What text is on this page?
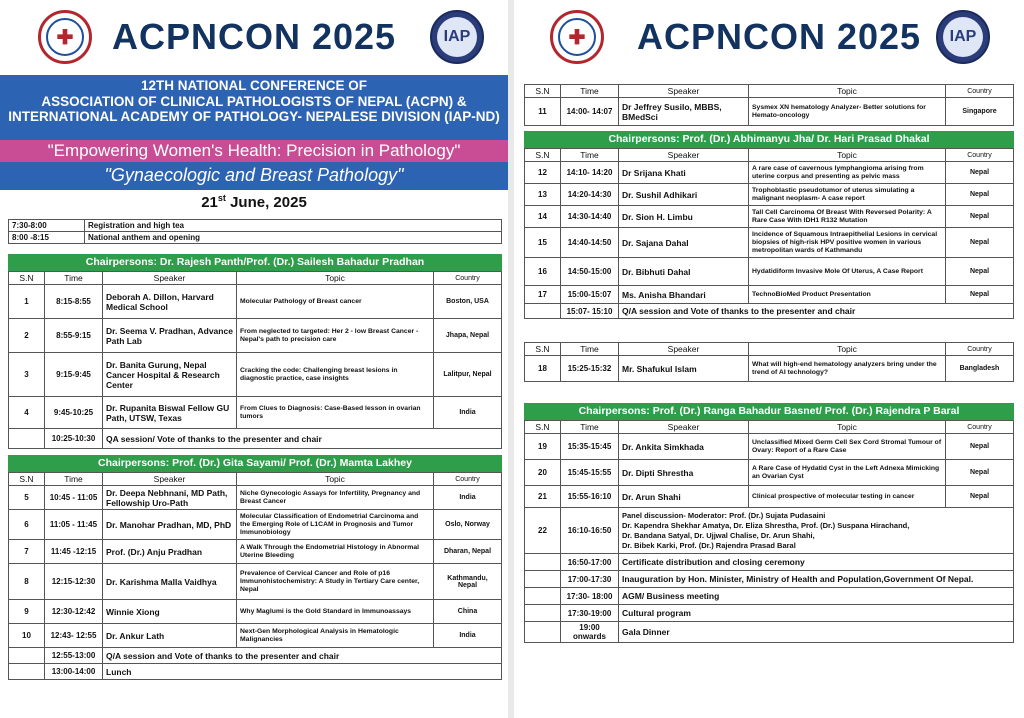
✚	ACPNCON 2025	IAP
12TH NATIONAL CONFERENCE OF
ASSOCIATION OF CLINICAL PATHOLOGISTS OF NEPAL (ACPN) &
INTERNATIONAL ACADEMY OF PATHOLOGY- NEPALESE DIVISION (IAP-ND)
"Empowering Women's Health: Precision in Pathology"
"Gynaecologic and Breast Pathology"
21st June, 2025
7:30-8:00	Registration and high tea
8:00 -8:15	National anthem and opening
Chairpersons: Dr. Rajesh Panth/Prof. (Dr.) Sailesh Bahadur Pradhan
S.N	Time	Speaker	Topic	Country
1	8:15-8:55	Deborah A. Dillon, Harvard Medical School	Molecular Pathology of Breast cancer	Boston, USA
2	8:55-9:15	Dr. Seema V. Pradhan, Advance Path Lab	From neglected to targeted: Her 2 - low Breast Cancer - Nepal's path to precision care	Jhapa, Nepal
3	9:15-9:45	Dr. Banita Gurung, Nepal Cancer Hospital & Research Center	Cracking the code: Challenging breast lesions in diagnostic practice, case insights	Lalitpur, Nepal
4	9:45-10:25	Dr. Rupanita Biswal Fellow GU Path, UTSW, Texas	From Clues to Diagnosis: Case-Based lesson in ovarian tumors	India
	10:25-10:30	QA session/ Vote of thanks to the presenter and chair		
Chairpersons: Prof. (Dr.) Gita Sayami/ Prof. (Dr.) Mamta Lakhey
S.N	Time	Speaker	Topic	Country
5	10:45 - 11:05	Dr. Deepa Nebhnani, MD Path, Fellowship Uro-Path	Niche Gynecologic Assays for Infertility, Pregnancy and Breast Cancer	India
6	11:05 - 11:45	Dr. Manohar Pradhan, MD, PhD	Molecular Classification of Endometrial Carcinoma and the Emerging Role of L1CAM in Prognosis and Tumor Immunobiology	Oslo, Norway
7	11:45 -12:15	Prof. (Dr.) Anju Pradhan	A Walk Through the Endometrial Histology in Abnormal Uterine Bleeding	Dharan, Nepal
8	12:15-12:30	Dr. Karishma Malla Vaidhya	Prevalence of Cervical Cancer and Role of p16 Immunohistochemistry: A Study in Tertiary Care center, Nepal	Kathmandu, Nepal
9	12:30-12:42	Winnie Xiong	Why Maglumi is the Gold Standard in Immunoassays	China
10	12:43- 12:55	Dr. Ankur Lath	Next-Gen Morphological Analysis in Hematologic Malignancies	India
	12:55-13:00	Q/A session and Vote of thanks to the presenter and chair		
	13:00-14:00	Lunch		
✚	ACPNCON 2025	IAP
S.N	Time	Speaker	Topic	Country
11	14:00- 14:07	Dr Jeffrey Susilo, MBBS, BMedSci	Sysmex XN hematology Analyzer- Better solutions for Hemato-oncology	Singapore
Chairpersons: Prof. (Dr.) Abhimanyu Jha/ Dr. Hari Prasad Dhakal
S.N	Time	Speaker	Topic	Country
12	14:10- 14:20	Dr Srijana Khati	A rare case of cavernous lymphangioma arising from uterine corpus and presenting as pelvic mass	Nepal
13	14:20-14:30	Dr. Sushil Adhikari	Trophoblastic pseudotumor of uterus simulating a malignant neoplasm- A case report	Nepal
14	14:30-14:40	Dr. Sion H. Limbu	Tall Cell Carcinoma Of Breast With Reversed Polarity: A Rare Case With IDH1 R132 Mutation	Nepal
15	14:40-14:50	Dr. Sajana Dahal	Incidence of Squamous Intraepithelial Lesions in cervical biopsies of high-risk HPV positive women in various metropolitan wards of Kathmandu	Nepal
16	14:50-15:00	Dr. Bibhuti Dahal	Hydatidiform Invasive Mole Of Uterus, A Case Report	Nepal
17	15:00-15:07	Ms. Anisha Bhandari	TechnoBioMed Product Presentation	Nepal
	15:07- 15:10	Q/A session and Vote of thanks to the presenter and chair		
S.N	Time	Speaker	Topic	Country
18	15:25-15:32	Mr. Shafukul Islam	What will high-end hematology analyzers bring under the trend of AI technology?	Bangladesh
Chairpersons: Prof. (Dr.) Ranga Bahadur Basnet/ Prof. (Dr.) Rajendra P Baral
S.N	Time	Speaker	Topic	Country
19	15:35-15:45	Dr. Ankita Simkhada	Unclassified Mixed Germ Cell Sex Cord Stromal Tumour of Ovary: Report of a Rare Case	Nepal
20	15:45-15:55	Dr. Dipti Shrestha	A Rare Case of Hydatid Cyst in the Left Adnexa Mimicking an Ovarian Cyst	Nepal
21	15:55-16:10	Dr. Arun Shahi	Clinical prospective of molecular testing in cancer	Nepal
22	16:10-16:50	Panel discussion- Moderator: Prof. (Dr.) Sujata Pudasaini
Dr. Kapendra Shekhar Amatya, Dr. Eliza Shrestha, Prof. (Dr.) Suspana Hirachand,
Dr. Bandana Satyal, Dr. Ujjwal Chalise, Dr. Arun Shahi,
Dr. Bibek Karki, Prof. (Dr.) Rajendra Prasad Baral		

	16:50-17:00	Certificate distribution and closing ceremony		
	17:00-17:30	Inauguration by Hon. Minister, Ministry of Health and Population,Government Of Nepal.		
	17:30- 18:00	AGM/ Business meeting		
	17:30-19:00	Cultural program		
	19:00 onwards	Gala Dinner		
